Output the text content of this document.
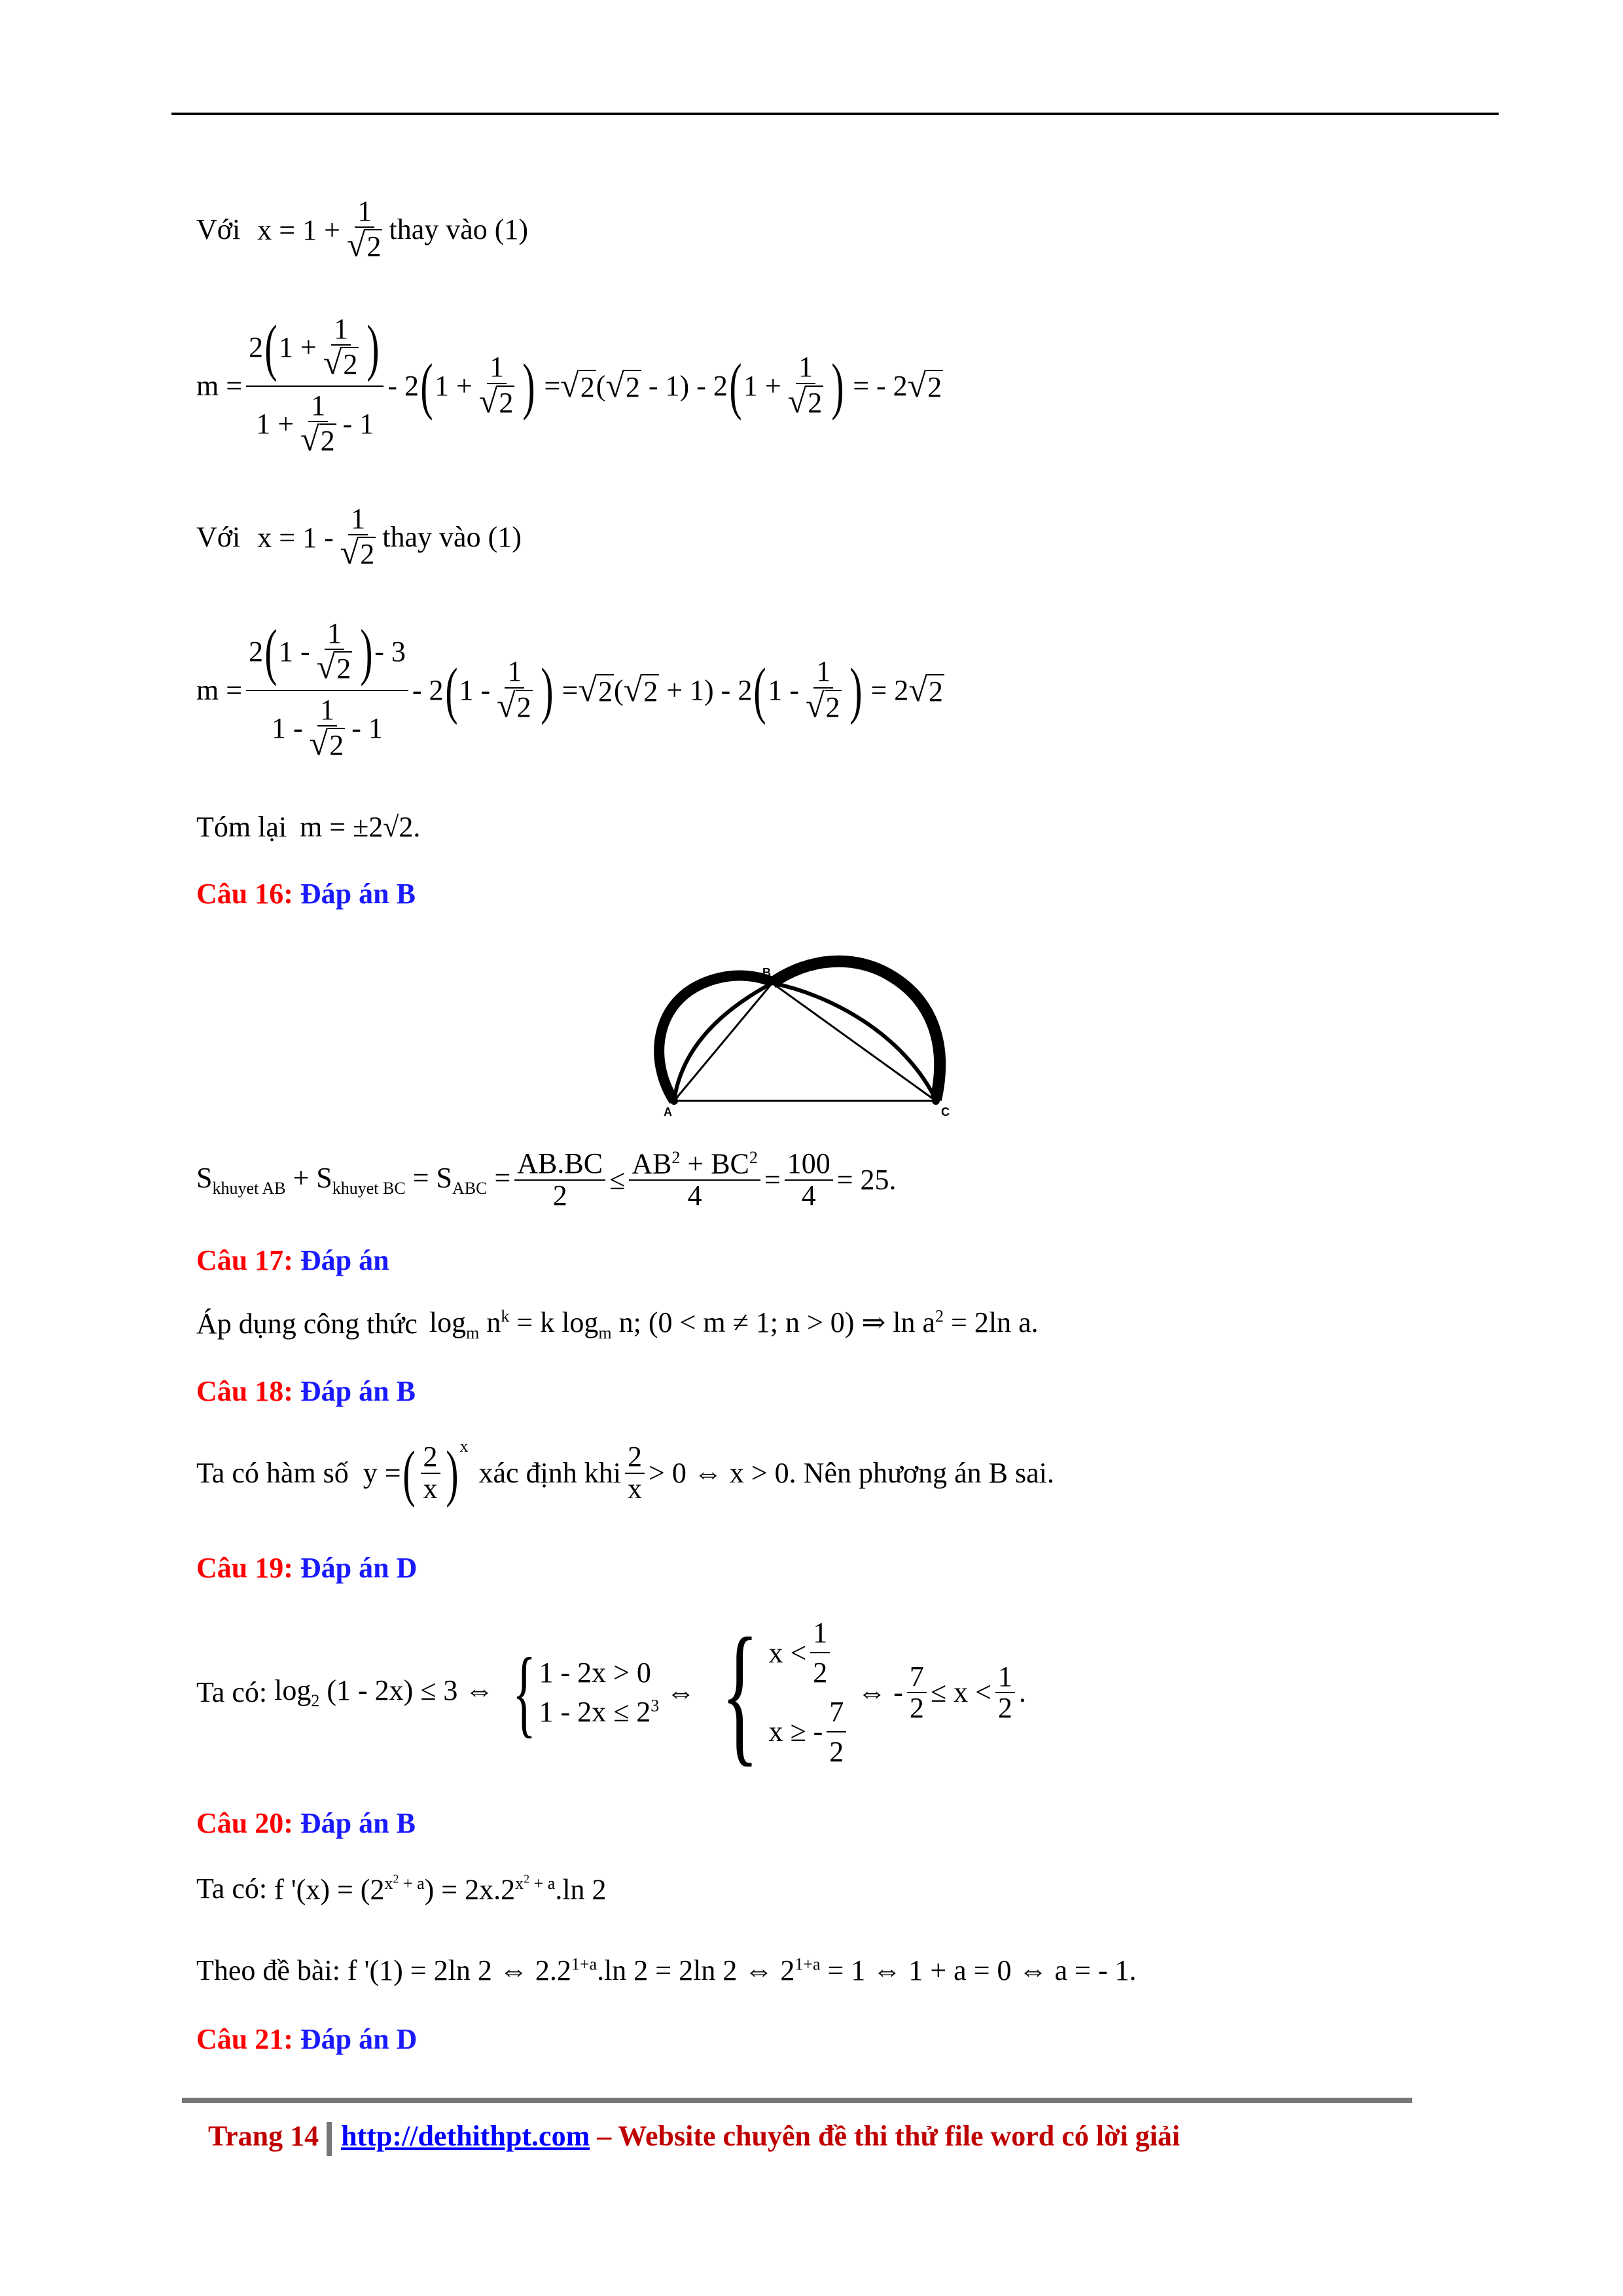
Với $x = 1 + \frac{1}{√2}$ thay vào (1)
$m = \frac{2 ( 1 + \frac{1}{√2} )}{1 + \frac{1}{√2} - 1} - 2$ ( $1 + \frac{1}{√2}$ ) = √2 ( √2 - 1) - 2 ( $1 + \frac{1}{√2}$ ) = - 2 √2
Với $x = 1 - \frac{1}{√2}$ thay vào (1)
$m = \frac{2 ( 1 - \frac{1}{√2} ) - 3}{1 - \frac{1}{√2} - 1} - 2$ ( $1 - \frac{1}{√2}$ ) = √2 ( √2 + 1) - 2 ( $1 - \frac{1}{√2}$ ) = 2 √2
Tóm lại m = ±2√2.
Câu 16: Đáp án B
A
B
C
$S_{khuyet AB} + S_{khuyet BC} = S_{ABC} = \frac{AB.BC}{2} \le \frac{AB^2 + BC^2}{4} = \frac{100}{4} = 25$.
Câu 17: Đáp án
Áp dụng công thức $\log_m n^k = k$ $\log_m n$; (0 < m ≠ 1; n > 0) ⇒ $\ln a^2 = 2\ln$ a.
Câu 18: Đáp án B
Ta có hàm số y = ( $\frac{2}{x}$ ) x
xác định khi $\frac{2}{x} > 0$ ⇔ x > 0 . Nên phương án B sai.
Câu 19: Đáp án D
Ta có: $\log_2 (1 - 2x) \le 3$ ⇔ { 1 - 2x > 0
$1 - 2x \le 2^3$ ⇔ { $x < \frac{1}{2}$
x ≥ - $\frac{7}{2}$ ⇔ - $\frac{7}{2} \le x < \frac{1}{2}$ .
Câu 20: Đáp án B
Ta có: f '$(x) = (2^{x^2 + a}) = 2x.2^{x^2 + a}.\ln$ 2
Theo đề bài: f '(1) = 2ln 2 ⇔ $2.2^{1+a}.\ln$ 2 = 2ln 2 ⇔ $2^{1+a} = 1$ ⇔ 1 + a = 0 ⇔ a = - 1.
Câu 21: Đáp án D
Trang 14 http://dethithpt.com – Website chuyên đề thi thử file word có lời giải
